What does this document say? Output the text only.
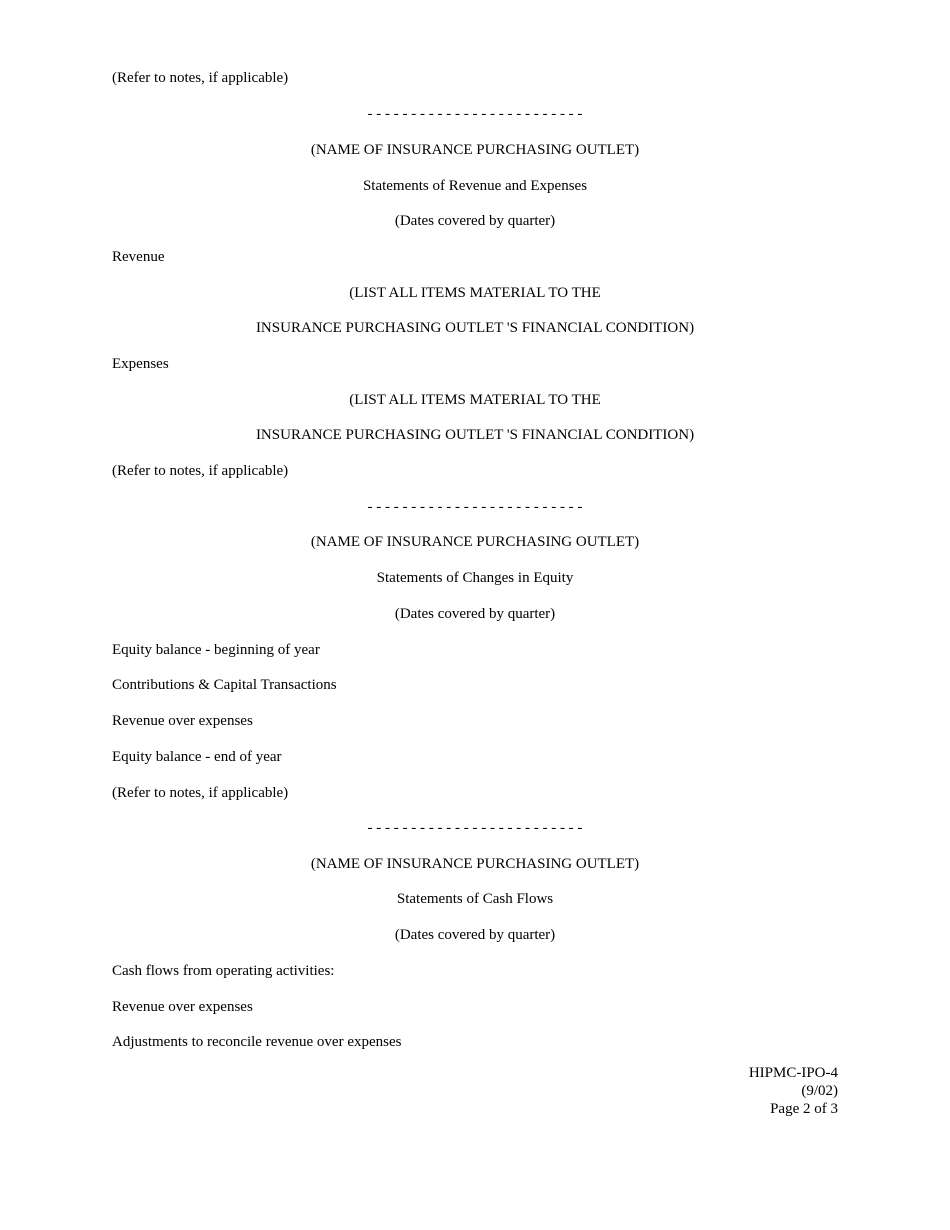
(Refer to notes, if applicable)
- - - - - - - - - - - - - - - - - - - - - - - - -
(NAME OF INSURANCE PURCHASING OUTLET)
Statements of Revenue and Expenses
(Dates covered by quarter)
Revenue
(LIST ALL ITEMS MATERIAL TO THE
INSURANCE PURCHASING OUTLET 'S FINANCIAL CONDITION)
Expenses
(LIST ALL ITEMS MATERIAL TO THE
INSURANCE PURCHASING OUTLET 'S FINANCIAL CONDITION)
(Refer to notes, if applicable)
- - - - - - - - - - - - - - - - - - - - - - - - -
(NAME OF INSURANCE PURCHASING OUTLET)
Statements of Changes in Equity
(Dates covered by quarter)
Equity balance - beginning of year
Contributions & Capital Transactions
Revenue over expenses
Equity balance - end of year
(Refer to notes, if applicable)
- - - - - - - - - - - - - - - - - - - - - - - - -
(NAME OF INSURANCE PURCHASING OUTLET)
Statements of Cash Flows
(Dates covered by quarter)
Cash flows from operating activities:
Revenue over expenses
Adjustments to reconcile revenue over expenses
HIPMC-IPO-4
(9/02)
Page 2 of 3
